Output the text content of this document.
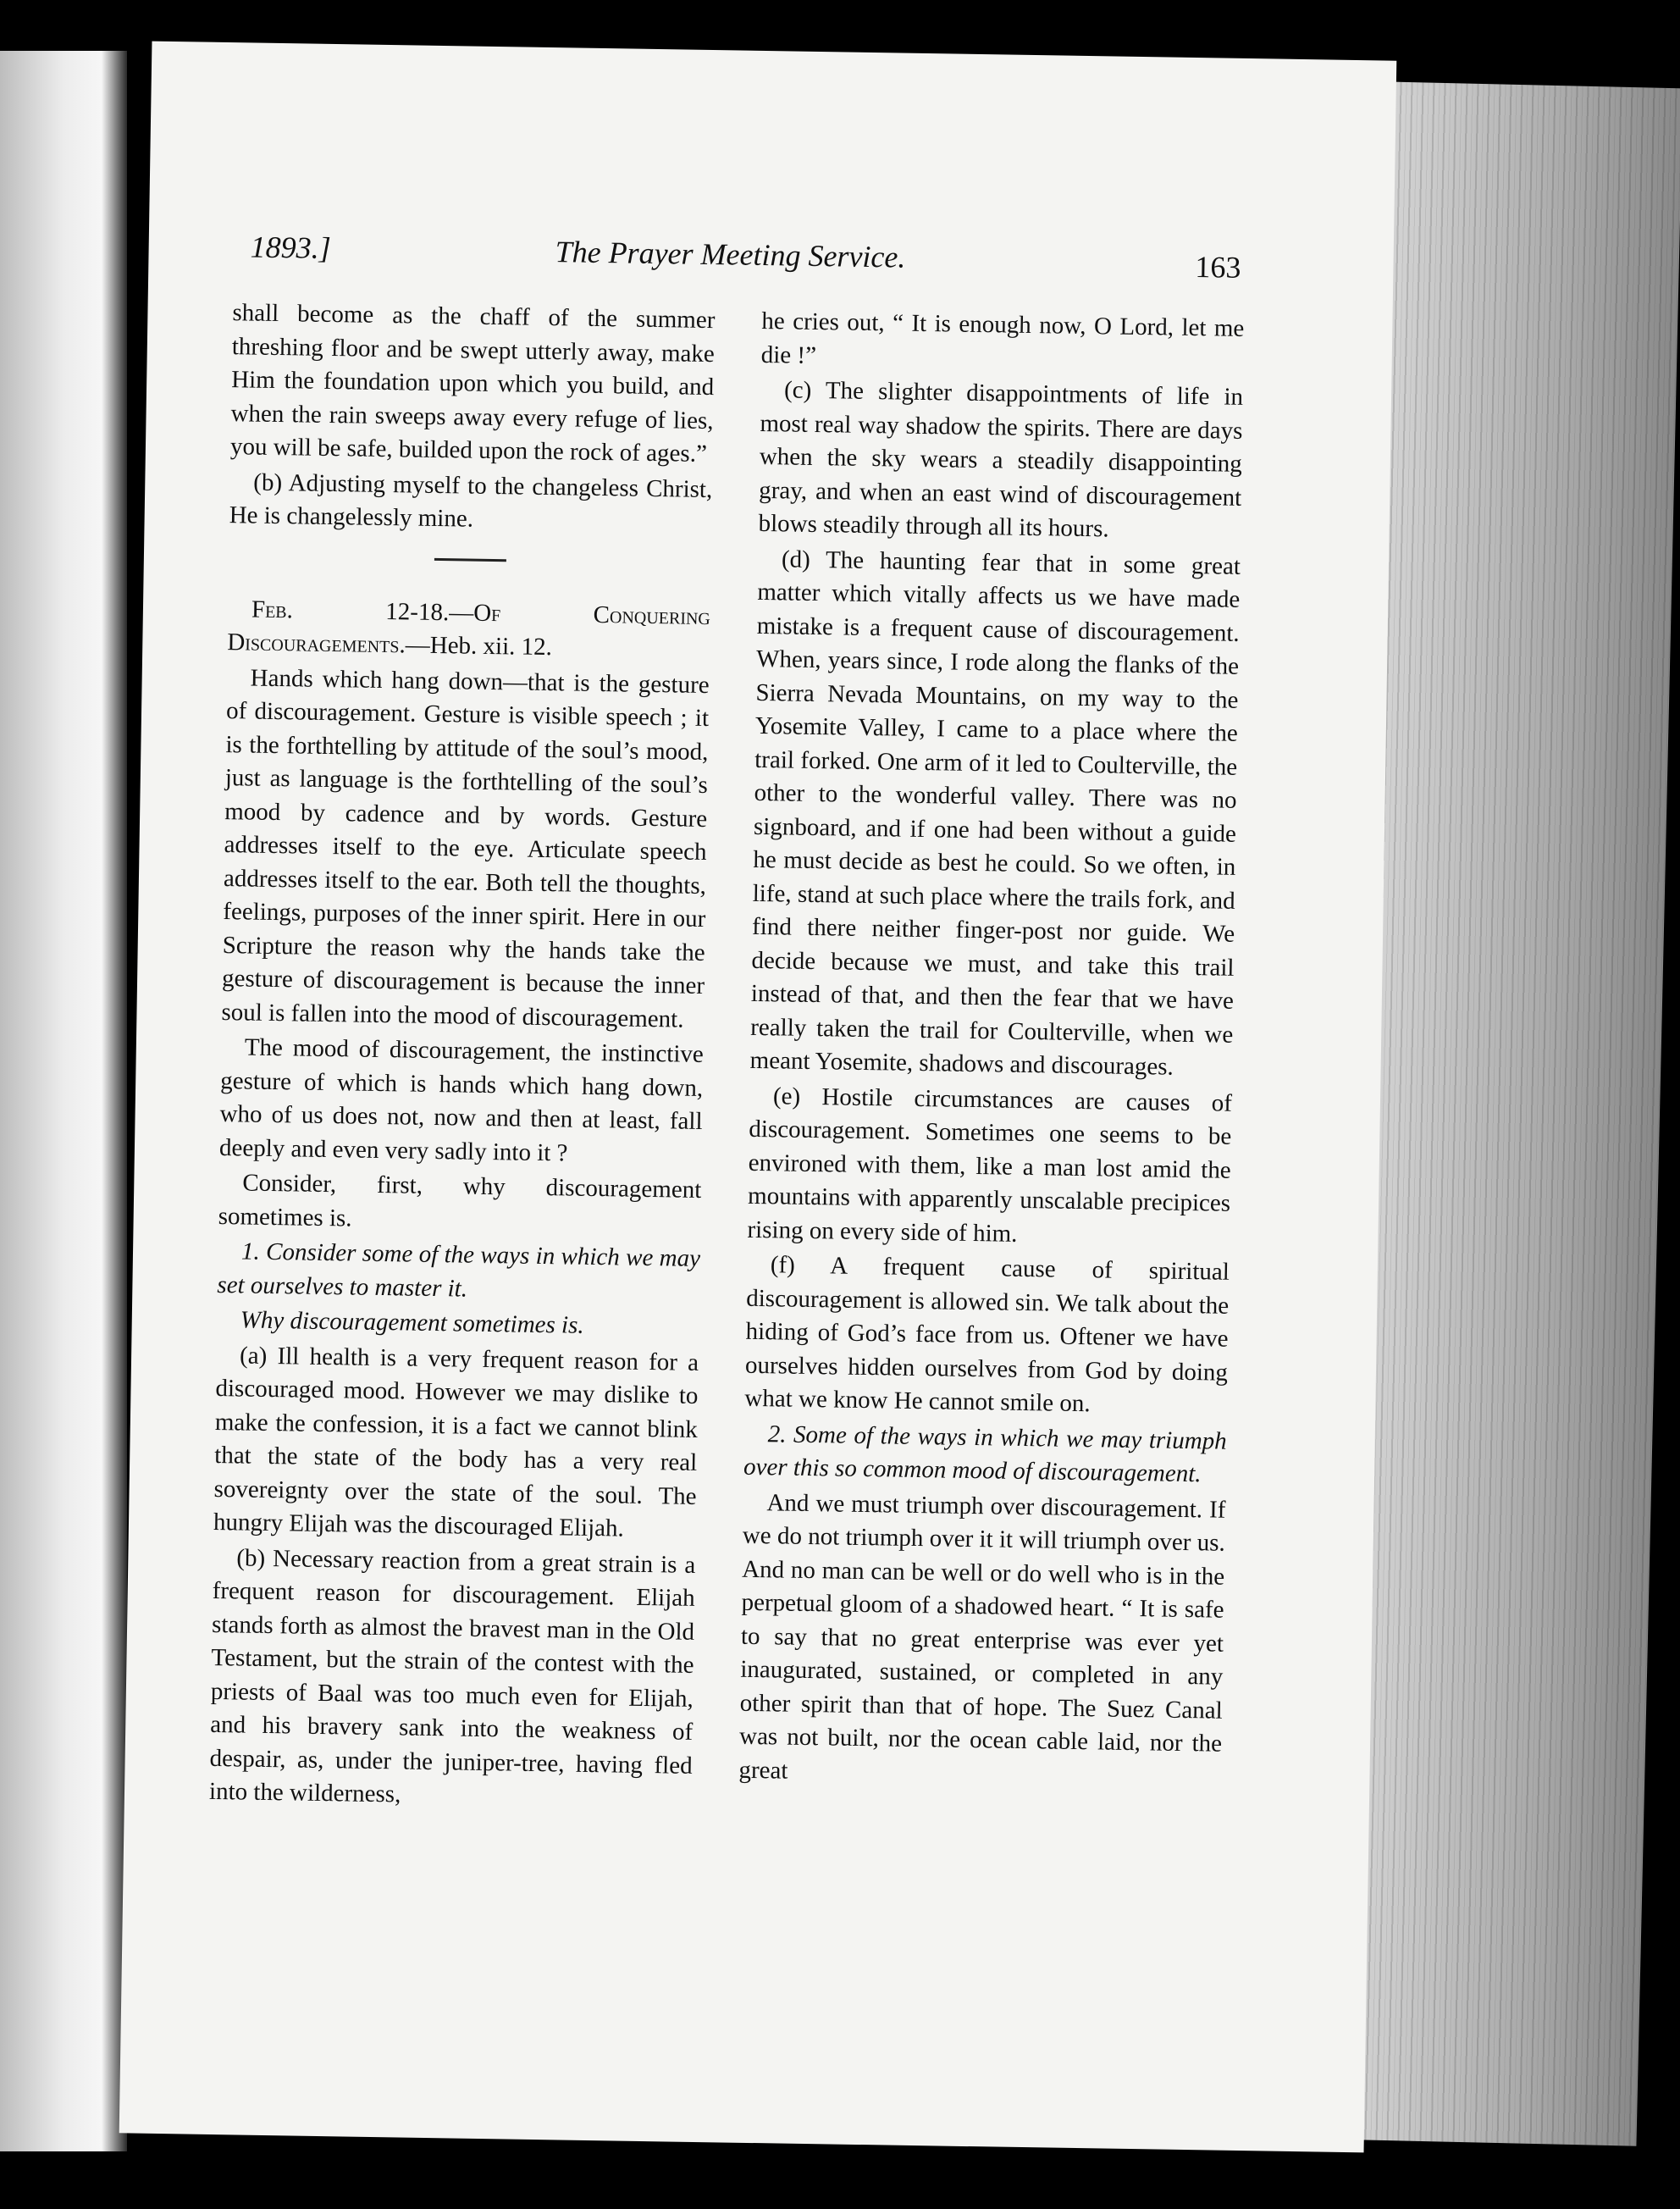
1893.]	The Prayer Meeting Service.	163

shall become as the chaff of the summer threshing floor and be swept utterly away, make Him the foundation upon which you build, and when the rain sweeps away every refuge of lies, you will be safe, builded upon the rock of ages.”

(b) Adjusting myself to the changeless Christ, He is changelessly mine.

Feb. 12-18.—Of Conquering Discouragements.—Heb. xii. 12.

Hands which hang down—that is the gesture of discouragement. Gesture is visible speech ; it is the forthtelling by attitude of the soul’s mood, just as language is the forthtelling of the soul’s mood by cadence and by words. Gesture addresses itself to the eye. Articulate speech addresses itself to the ear. Both tell the thoughts, feelings, purposes of the inner spirit. Here in our Scripture the reason why the hands take the gesture of discouragement is because the inner soul is fallen into the mood of discouragement.

The mood of discouragement, the instinctive gesture of which is hands which hang down, who of us does not, now and then at least, fall deeply and even very sadly into it ?

Consider, first, why discouragement sometimes is.

1. Consider some of the ways in which we may set ourselves to master it.

Why discouragement sometimes is.

(a) Ill health is a very frequent reason for a discouraged mood. However we may dislike to make the confession, it is a fact we cannot blink that the state of the body has a very real sovereignty over the state of the soul. The hungry Elijah was the discouraged Elijah.

(b) Necessary reaction from a great strain is a frequent reason for discouragement. Elijah stands forth as almost the bravest man in the Old Testament, but the strain of the contest with the priests of Baal was too much even for Elijah, and his bravery sank into the weakness of despair, as, under the juniper-tree, having fled into the wilderness,

he cries out, “ It is enough now, O Lord, let me die !”

(c) The slighter disappointments of life in most real way shadow the spirits. There are days when the sky wears a steadily disappointing gray, and when an east wind of discouragement blows steadily through all its hours.

(d) The haunting fear that in some great matter which vitally affects us we have made mistake is a frequent cause of discouragement. When, years since, I rode along the flanks of the Sierra Nevada Mountains, on my way to the Yosemite Valley, I came to a place where the trail forked. One arm of it led to Coulterville, the other to the wonderful valley. There was no signboard, and if one had been without a guide he must decide as best he could. So we often, in life, stand at such place where the trails fork, and find there neither finger-post nor guide. We decide because we must, and take this trail instead of that, and then the fear that we have really taken the trail for Coulterville, when we meant Yosemite, shadows and discourages.

(e) Hostile circumstances are causes of discouragement. Sometimes one seems to be environed with them, like a man lost amid the mountains with apparently unscalable precipices rising on every side of him.

(f) A frequent cause of spiritual discouragement is allowed sin. We talk about the hiding of God’s face from us. Oftener we have ourselves hidden ourselves from God by doing what we know He cannot smile on.

2. Some of the ways in which we may triumph over this so common mood of discouragement.

And we must triumph over discouragement. If we do not triumph over it it will triumph over us. And no man can be well or do well who is in the perpetual gloom of a shadowed heart. “ It is safe to say that no great enterprise was ever yet inaugurated, sustained, or completed in any other spirit than that of hope. The Suez Canal was not built, nor the ocean cable laid, nor the great
